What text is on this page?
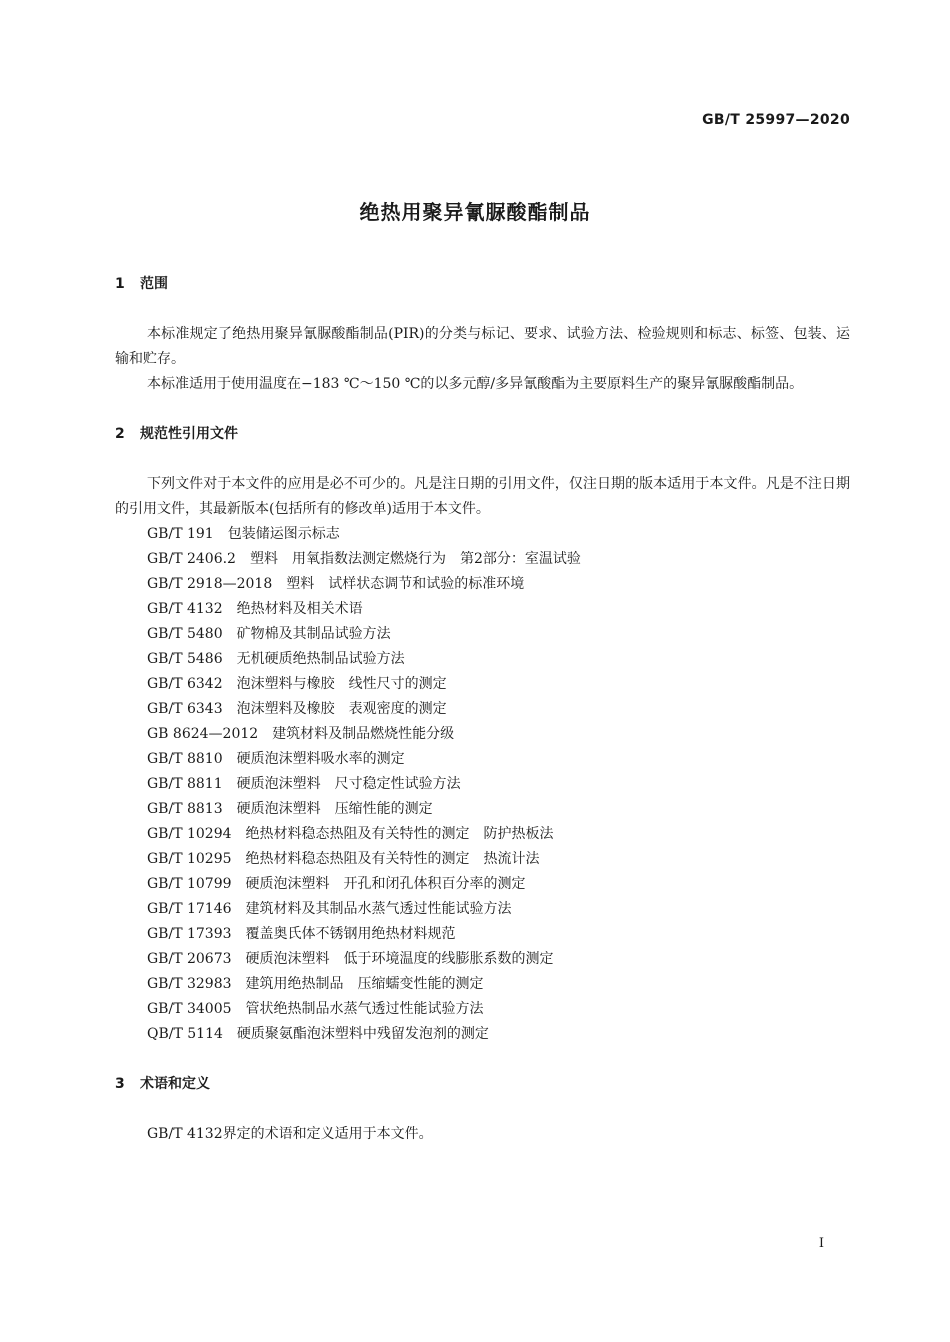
GB/T 25997—2020
绝热用聚异氰脲酸酯制品
1 范围

本标准规定了绝热用聚异氰脲酸酯制品(PIR)的分类与标记、要求、试验方法、检验规则和标志、标签、包装、运输和贮存。

本标准适用于使用温度在−183 ℃～150 ℃的以多元醇/多异氰酸酯为主要原料生产的聚异氰脲酸酯制品。

2 规范性引用文件

下列文件对于本文件的应用是必不可少的。凡是注日期的引用文件，仅注日期的版本适用于本文件。凡是不注日期的引用文件，其最新版本(包括所有的修改单)适用于本文件。

GB/T 191 包装储运图示标志
GB/T 2406.2 塑料　用氧指数法测定燃烧行为　第2部分：室温试验
GB/T 2918—2018 塑料　试样状态调节和试验的标准环境
GB/T 4132 绝热材料及相关术语
GB/T 5480 矿物棉及其制品试验方法
GB/T 5486 无机硬质绝热制品试验方法
GB/T 6342 泡沫塑料与橡胶　线性尺寸的测定
GB/T 6343 泡沫塑料及橡胶　表观密度的测定
GB 8624—2012 建筑材料及制品燃烧性能分级
GB/T 8810 硬质泡沫塑料吸水率的测定
GB/T 8811 硬质泡沫塑料　尺寸稳定性试验方法
GB/T 8813 硬质泡沫塑料　压缩性能的测定
GB/T 10294 绝热材料稳态热阻及有关特性的测定　防护热板法
GB/T 10295 绝热材料稳态热阻及有关特性的测定　热流计法
GB/T 10799 硬质泡沫塑料　开孔和闭孔体积百分率的测定
GB/T 17146 建筑材料及其制品水蒸气透过性能试验方法
GB/T 17393 覆盖奥氏体不锈钢用绝热材料规范
GB/T 20673 硬质泡沫塑料　低于环境温度的线膨胀系数的测定
GB/T 32983 建筑用绝热制品　压缩蠕变性能的测定
GB/T 34005 管状绝热制品水蒸气透过性能试验方法
QB/T 5114 硬质聚氨酯泡沫塑料中残留发泡剂的测定
3 术语和定义

GB/T 4132界定的术语和定义适用于本文件。

I
